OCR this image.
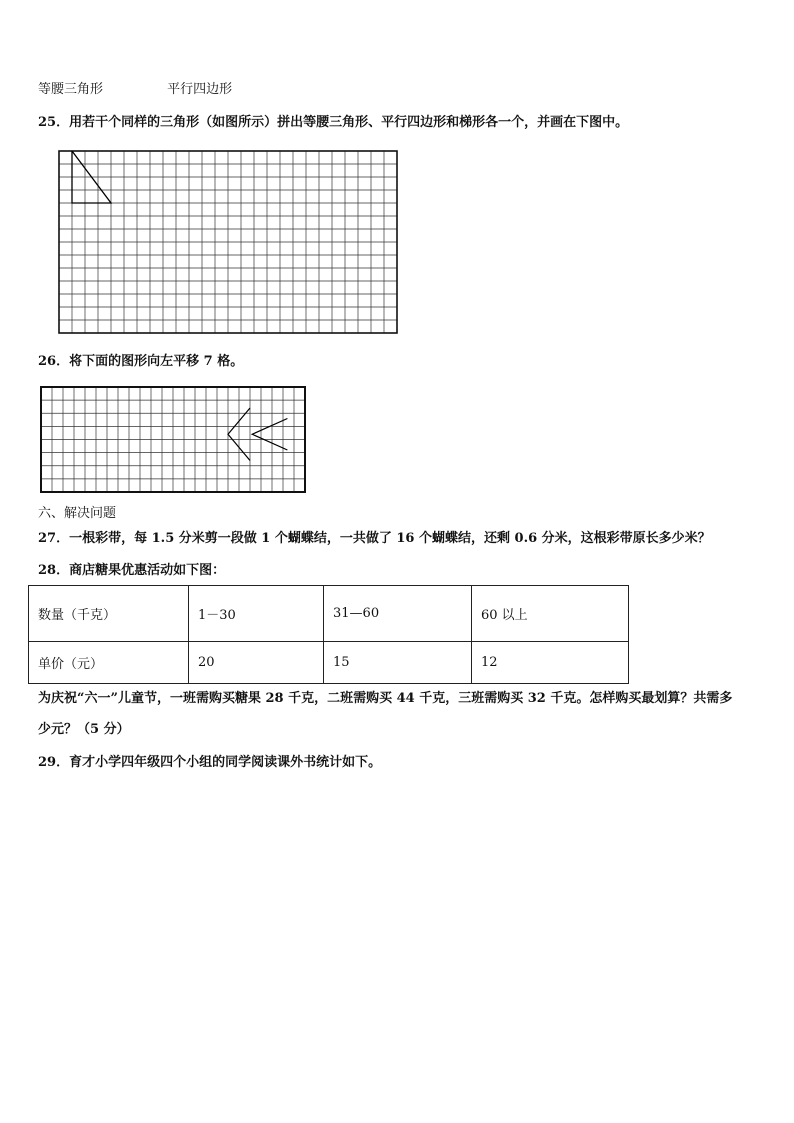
等腰三角形	平行四边形
25．用若干个同样的三角形（如图所示）拼出等腰三角形、平行四边形和梯形各一个，并画在下图中。
26．将下面的图形向左平移 7 格。
六、解决问题
27．一根彩带，每 1.5 分米剪一段做 1 个蝴蝶结，一共做了 16 个蝴蝶结，还剩 0.6 分米，这根彩带原长多少米？
28．商店糖果优惠活动如下图：
数量（千克）	1－30	31—60	60 以上
单价（元）	20	15	12
为庆祝“六一”儿童节，一班需购买糖果 28 千克，二班需购买 44 千克，三班需购买 32 千克。怎样购买最划算？共需多
少元？（5 分）
29．育才小学四年级四个小组的同学阅读课外书统计如下。
